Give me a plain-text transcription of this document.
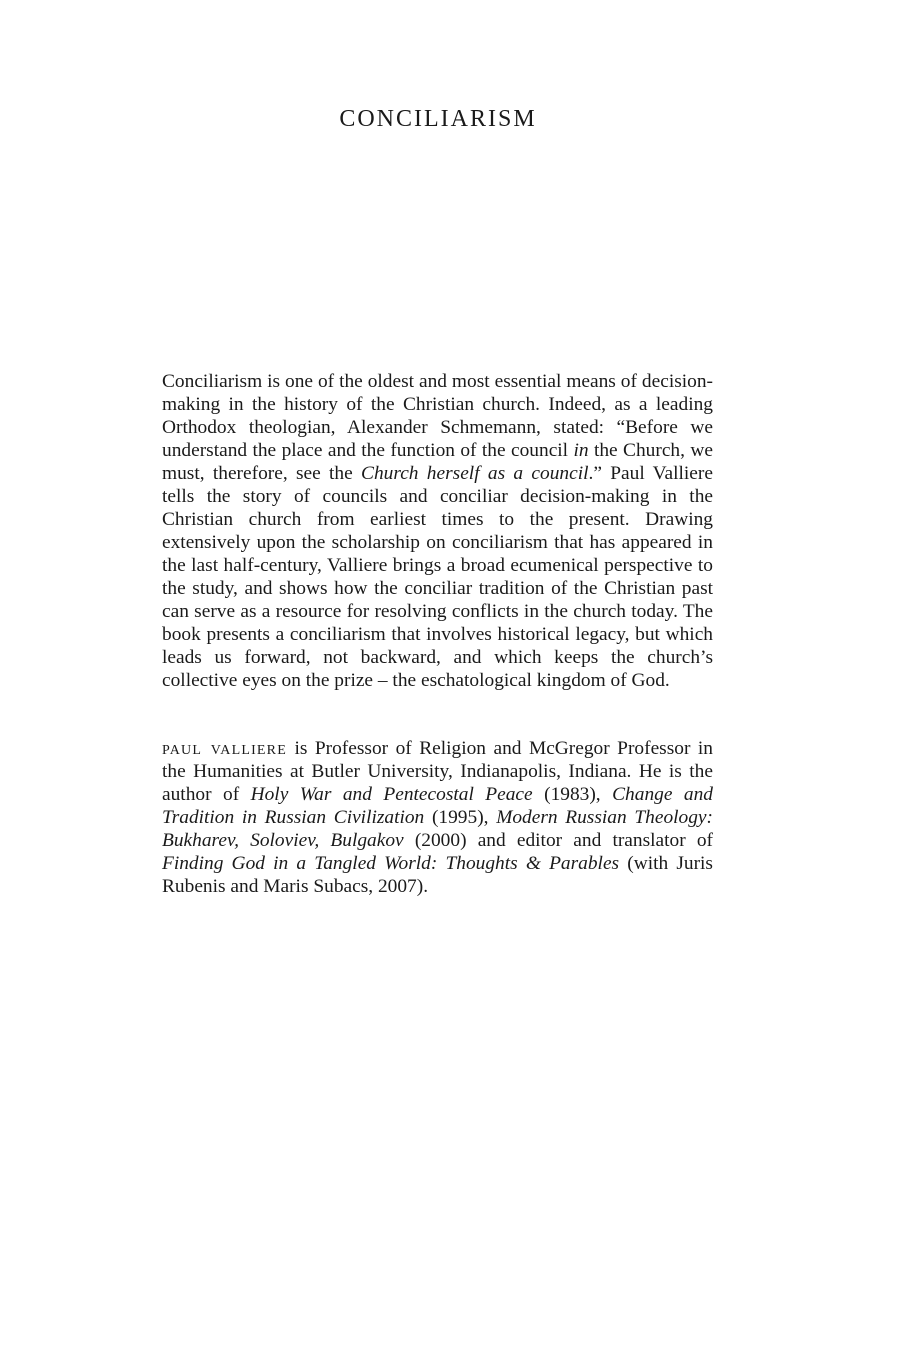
CONCILIARISM

Conciliarism is one of the oldest and most essential means of decision-making in the history of the Christian church. Indeed, as a leading Orthodox theologian, Alexander Schmemann, stated: “Before we understand the place and the function of the council in the Church, we must, therefore, see the Church herself as a council.” Paul Valliere tells the story of councils and conciliar decision-making in the Christian church from earliest times to the present. Drawing extensively upon the scholarship on conciliarism that has appeared in the last half-century, Valliere brings a broad ecumenical perspective to the study, and shows how the conciliar tradition of the Christian past can serve as a resource for resolving conflicts in the church today. The book presents a conciliarism that involves historical legacy, but which leads us forward, not backward, and which keeps the church’s collective eyes on the prize – the eschatological kingdom of God.

paul valliere is Professor of Religion and McGregor Professor in the Humanities at Butler University, Indianapolis, Indiana. He is the author of Holy War and Pentecostal Peace (1983), Change and Tradition in Russian Civilization (1995), Modern Russian Theology: Bukharev, Soloviev, Bulgakov (2000) and editor and translator of Finding God in a Tangled World: Thoughts & Parables (with Juris Rubenis and Maris Subacs, 2007).
